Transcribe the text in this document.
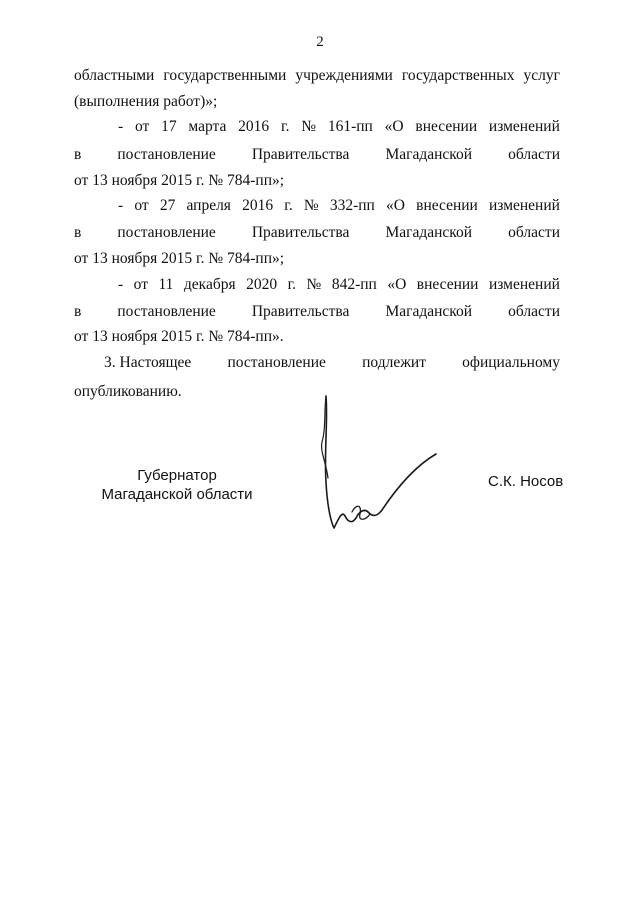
2
областными государственными учреждениями государственных услуг
(выполнения работ)»;
- от 17 марта 2016 г. № 161-пп «О внесении изменений
в постановление Правительства Магаданской области
от 13 ноября 2015 г. № 784-пп»;
- от 27 апреля 2016 г. № 332-пп «О внесении изменений
в постановление Правительства Магаданской области
от 13 ноября 2015 г. № 784-пп»;
- от 11 декабря 2020 г. № 842-пп «О внесении изменений
в постановление Правительства Магаданской области
от 13 ноября 2015 г. № 784-пп».
3. Настоящее постановление подлежит официальному
опубликованию.
Губернатор
Магаданской области
С.К. Носов
